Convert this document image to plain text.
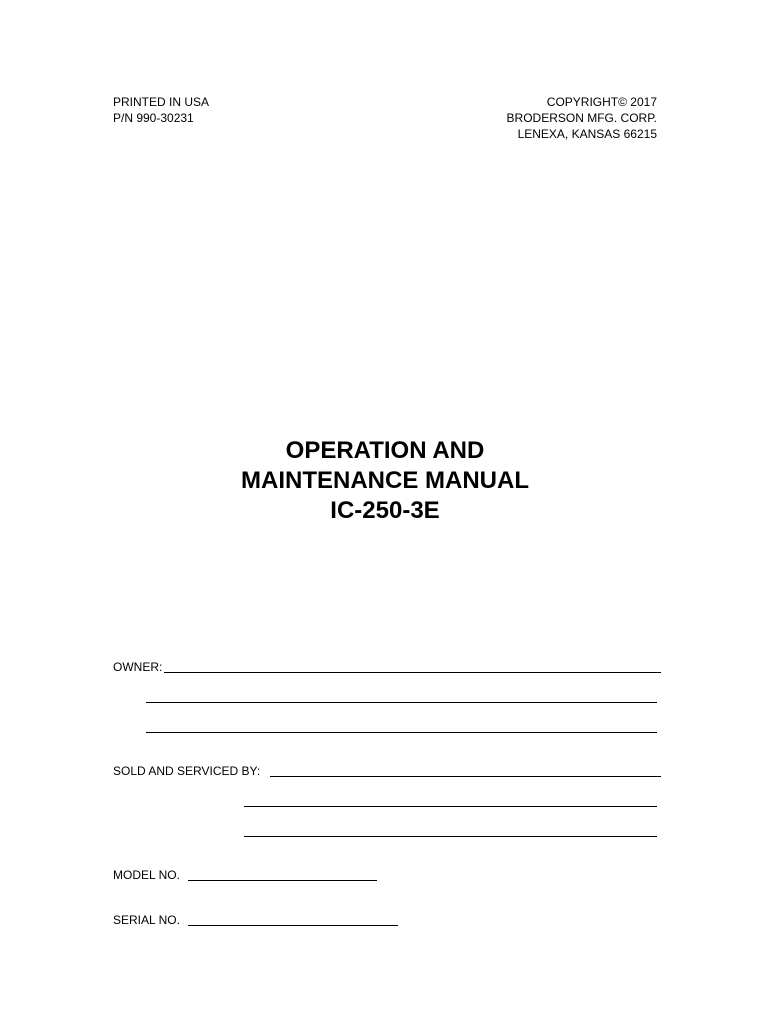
PRINTED IN USA
P/N 990-30231
COPYRIGHT© 2017
BRODERSON MFG. CORP.
LENEXA, KANSAS 66215
OPERATION AND
MAINTENANCE MANUAL
IC-250-3E
OWNER:
SOLD AND SERVICED BY:
MODEL NO.
SERIAL NO.
